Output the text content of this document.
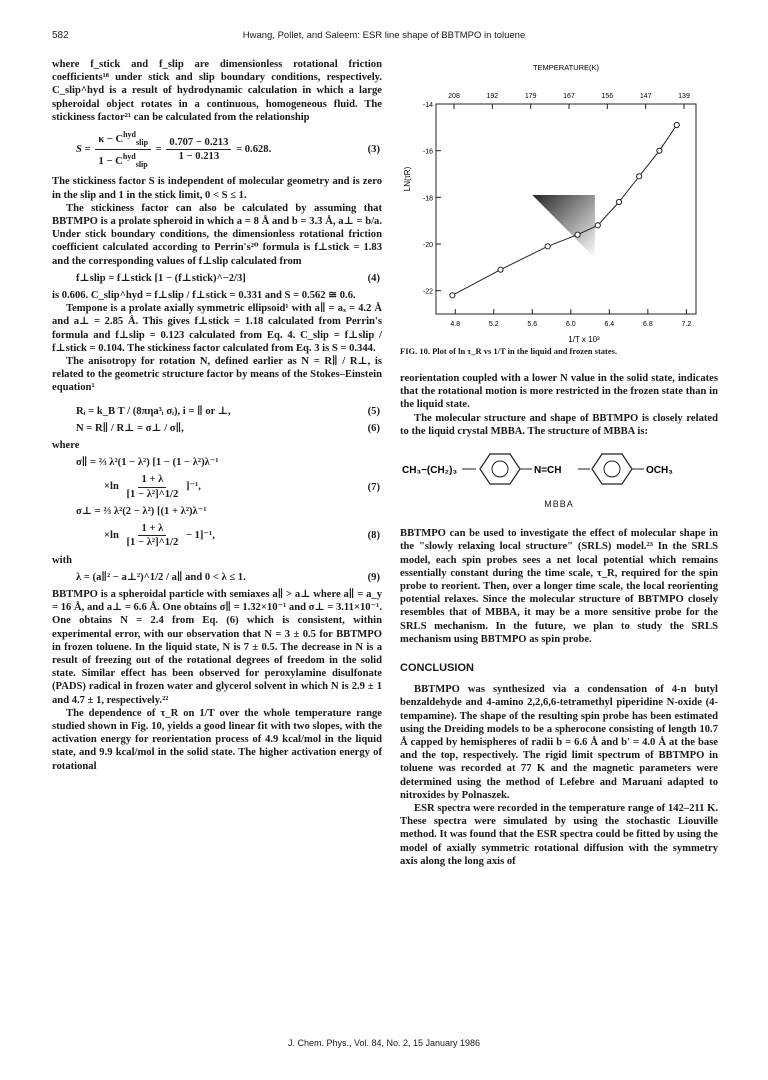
582	Hwang, Pollet, and Saleem: ESR line shape of BBTMPO in toluene

where f_stick and f_slip are dimensionless rotational friction coefficients¹⁸ under stick and slip boundary conditions, respectively. C_slip^hyd is a result of hydrodynamic calculation in which a large spheroidal object rotates in a continuous, homogeneous fluid. The stickiness factor²¹ can be calculated from the relationship

$S = \frac{\kappa - C^{hyd}_{slip}}{1 - C^{hyd}_{slip}} = \frac{0.707 - 0.213}{1 - 0.213} = 0.628$.	(3)

The stickiness factor S is independent of molecular geometry and is zero in the slip and 1 in the stick limit, 0 < S ≤ 1.

The stickiness factor can also be calculated by assuming that BBTMPO is a prolate spheroid in which a = 8 Å and b = 3.3 Å, a⊥ = b/a. Under stick boundary conditions, the dimensionless rotational friction coefficient calculated according to Perrin's²⁰ formula is f⊥stick = 1.83 and the corresponding values of f⊥slip calculated from

f⊥slip = f⊥stick [1 − (f⊥stick)^−2/3]	(4)

is 0.606. C_slip^hyd = f⊥slip / f⊥stick = 0.331 and S = 0.562 ≅ 0.6.

Tempone is a prolate axially symmetric ellipsoid¹ with a∥ = aₓ = 4.2 Å and a⊥ = 2.85 Å. This gives f⊥stick = 1.18 calculated from Perrin's formula and f⊥slip = 0.123 calculated from Eq. 4. C_slip = f⊥slip / f⊥stick = 0.104. The stickiness factor calculated from Eq. 3 is S = 0.344.

The anisotropy for rotation N, defined earlier as N = R∥ / R⊥, is related to the geometric structure factor by means of the Stokes–Einstein equation¹

Rᵢ = k_B T / (8πηa³ᵢ σᵢ), i = ∥ or ⊥,	(5)
N = R∥ / R⊥ = σ⊥ / σ∥,	(6)

where

σ∥ = ⅔ λ²(1 − λ²) [1 − (1 − λ²)λ⁻¹
$\times\ln \frac{1 + \lambda}{\text{[1 − λ²]\textasciicircum{}1/2}} ]^{-1}$,	(7)
σ⊥ = ⅔ λ²(2 − λ²) [(1 + λ²)λ⁻¹
$\times\ln \frac{1 + \lambda}{\text{[1 − λ²]\textasciicircum{}1/2}} - 1]^{-1}$,	(8)

with

λ = (a∥² − a⊥²)^1/2 / a∥ and 0 < λ ≤ 1.	(9)

BBTMPO is a spheroidal particle with semiaxes a∥ > a⊥ where a∥ = a_y = 16 Å, and a⊥ = 6.6 Å. One obtains σ∥ = 1.32×10⁻¹ and σ⊥ = 3.11×10⁻¹. One obtains N = 2.4 from Eq. (6) which is consistent, within experimental error, with our observation that N = 3 ± 0.5 for BBTMPO in frozen toluene. In the liquid state, N is 7 ± 0.5. The decrease in N is a result of freezing out of the rotational degrees of freedom in the solid state. Similar effect has been observed for peroxylamine disulfonate (PADS) radical in frozen water and glycerol solvent in which N is 2.9 ± 1 and 4.7 ± 1, respectively.²²

The dependence of τ_R on 1/T over the whole temperature range studied shown in Fig. 10, yields a good linear fit with two slopes, with the activation energy for reorientation process of 4.9 kcal/mol in the liquid state, and 9.9 kcal/mol in the solid state. The higher activation energy of rotational

TEMPERATURE(K)
208	192	179	167	156	147	139
4.8	5.2	5.6	6.0	6.4	6.8	7.2
1/T x 10³
-14
-16
-18
-20
-22
LN(τR)
FIG. 10. Plot of ln τ_R vs 1/T in the liquid and frozen states.

reorientation coupled with a lower N value in the solid state, indicates that the rotational motion is more restricted in the frozen state than in the liquid state.

The molecular structure and shape of BBTMPO is closely related to the liquid crystal MBBA. The structure of MBBA is:

CH₃−(CH₂)₃	N=CH	OCH₃
MBBA

BBTMPO can be used to investigate the effect of molecular shape in the "slowly relaxing local structure" (SRLS) model.²³ In the SRLS model, each spin probes sees a net local potential which remains essentially constant during the time scale, τ_R, required for the spin probe to reorient. Then, over a longer time scale, the local reorienting potential relaxes. Since the molecular structure of BBTMPO closely resembles that of MBBA, it may be a more sensitive probe for the SRLS mechanism. In the future, we plan to study the SRLS mechanism using BBTMPO as spin probe.

CONCLUSION

BBTMPO was synthesized via a condensation of 4-n butyl benzaldehyde and 4-amino 2,2,6,6-tetramethyl piperidine N-oxide (4-tempamine). The shape of the resulting spin probe has been estimated using the Dreiding models to be a spherocone consisting of length 10.7 Å capped by hemispheres of radii b = 6.6 Å and b′ = 4.0 Å at the base and the top, respectively. The rigid limit spectrum of BBTMPO in toluene was recorded at 77 K and the magnetic parameters were determined using the method of Lefebre and Maruani adapted to nitroxides by Polnaszek.

ESR spectra were recorded in the temperature range of 142–211 K. These spectra were simulated by using the stochastic Liouville method. It was found that the ESR spectra could be fitted by using the model of axially symmetric rotational diffusion with the symmetry axis along the long axis of

J. Chem. Phys., Vol. 84, No. 2, 15 January 1986
